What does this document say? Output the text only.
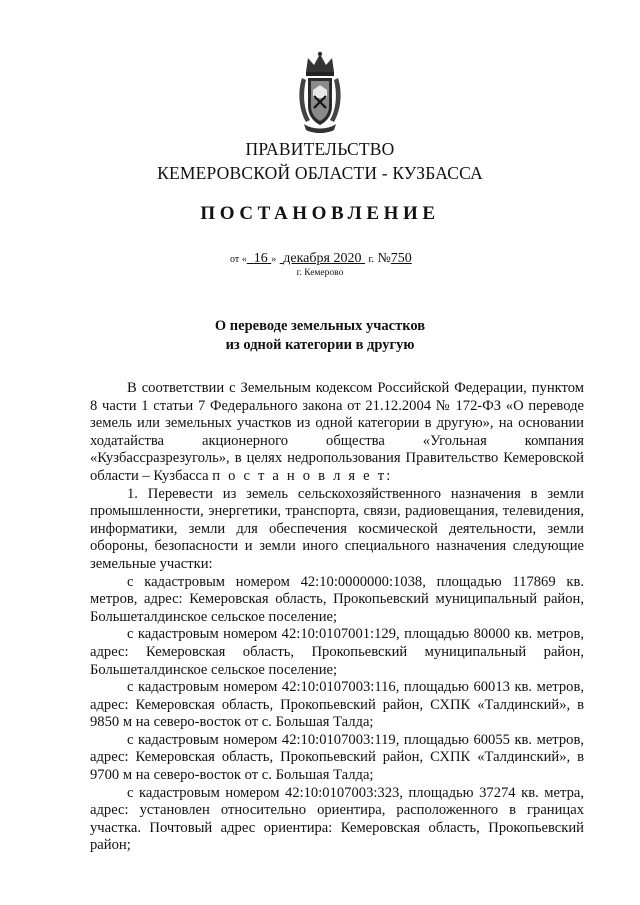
ПРАВИТЕЛЬСТВО
КЕМЕРОВСКОЙ ОБЛАСТИ - КУЗБАССА
ПОСТАНОВЛЕНИЕ
от « 16 » декабря 2020 г. №750
г. Кемерово
О переводе земельных участков
из одной категории в другую

В соответствии с Земельным кодексом Российской Федерации, пунктом 8 части 1 статьи 7 Федерального закона от 21.12.2004 № 172-ФЗ «О переводе земель или земельных участков из одной категории в другую», на основании ходатайства акционерного общества «Угольная компания «Кузбассразрезуголь», в целях недропользования Правительство Кемеровской области – Кузбасса п о с т а н о в л я е т:

1. Перевести из земель сельскохозяйственного назначения в земли промышленности, энергетики, транспорта, связи, радиовещания, телевидения, информатики, земли для обеспечения космической деятельности, земли обороны, безопасности и земли иного специального назначения следующие земельные участки:

с кадастровым номером 42:10:0000000:1038, площадью 117869 кв. метров, адрес: Кемеровская область, Прокопьевский муниципальный район, Большеталдинское сельское поселение;

с кадастровым номером 42:10:0107001:129, площадью 80000 кв. метров, адрес: Кемеровская область, Прокопьевский муниципальный район, Большеталдинское сельское поселение;

с кадастровым номером 42:10:0107003:116, площадью 60013 кв. метров, адрес: Кемеровская область, Прокопьевский район, СХПК «Талдинский», в 9850 м на северо-восток от с. Большая Талда;

с кадастровым номером 42:10:0107003:119, площадью 60055 кв. метров, адрес: Кемеровская область, Прокопьевский район, СХПК «Талдинский», в 9700 м на северо-восток от с. Большая Талда;

с кадастровым номером 42:10:0107003:323, площадью 37274 кв. метра, адрес: установлен относительно ориентира, расположенного в границах участка. Почтовый адрес ориентира: Кемеровская область, Прокопьевский район;
